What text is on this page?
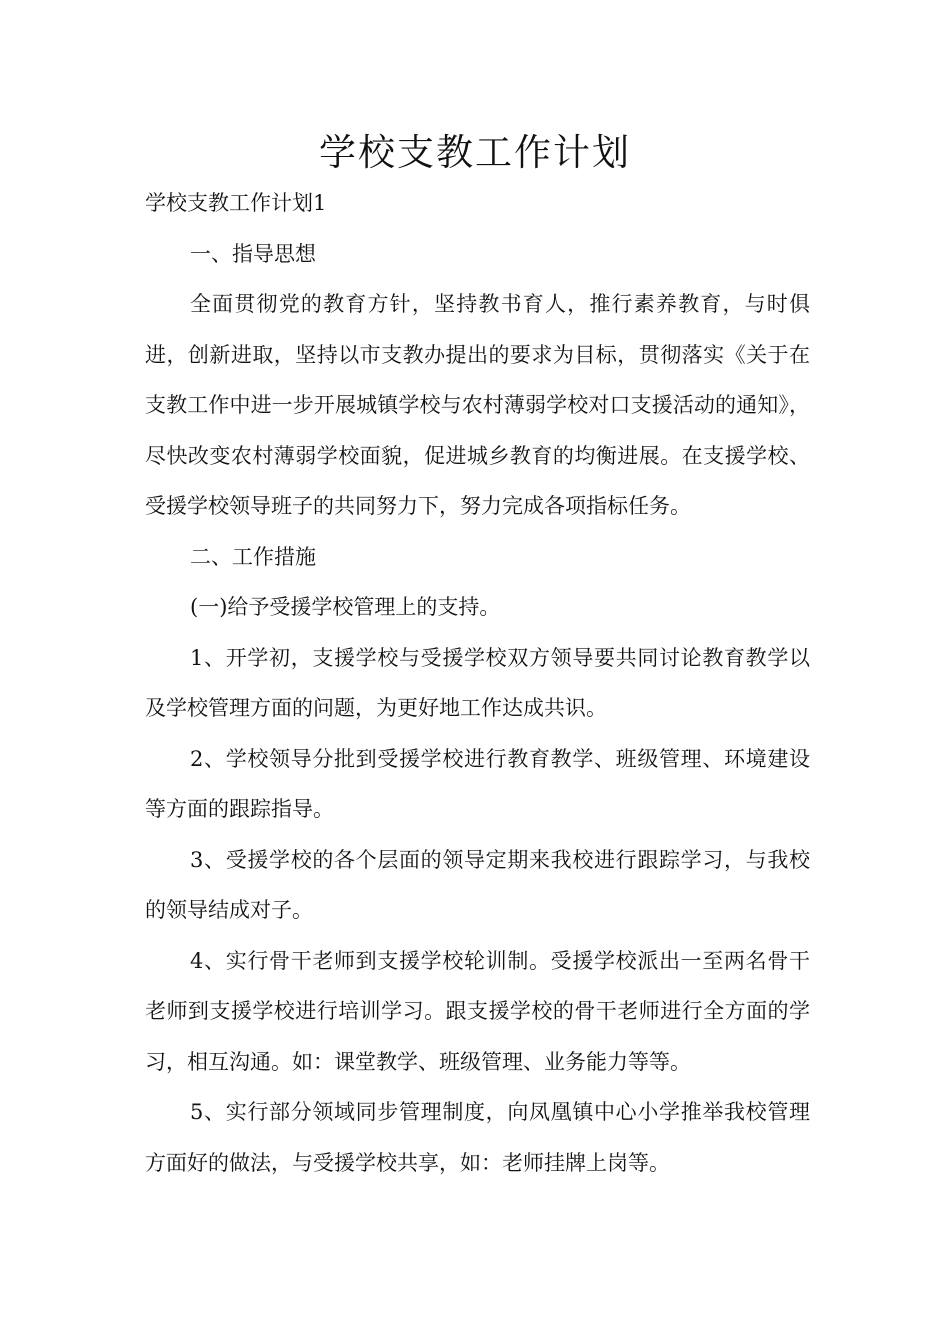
学校支教工作计划

学校支教工作计划1

一、指导思想

全面贯彻党的教育方针，坚持教书育人，推行素养教育，与时俱进，创新进取，坚持以市支教办提出的要求为目标，贯彻落实《关于在支教工作中进一步开展城镇学校与农村薄弱学校对口支援活动的通知》，尽快改变农村薄弱学校面貌，促进城乡教育的均衡进展。在支援学校、受援学校领导班子的共同努力下，努力完成各项指标任务。

二、工作措施

(一)给予受援学校管理上的支持。

1、开学初，支援学校与受援学校双方领导要共同讨论教育教学以及学校管理方面的问题，为更好地工作达成共识。

2、学校领导分批到受援学校进行教育教学、班级管理、环境建设等方面的跟踪指导。

3、受援学校的各个层面的领导定期来我校进行跟踪学习，与我校的领导结成对子。

4、实行骨干老师到支援学校轮训制。受援学校派出一至两名骨干老师到支援学校进行培训学习。跟支援学校的骨干老师进行全方面的学习，相互沟通。如：课堂教学、班级管理、业务能力等等。

5、实行部分领域同步管理制度，向凤凰镇中心小学推举我校管理方面好的做法，与受援学校共享，如：老师挂牌上岗等。
